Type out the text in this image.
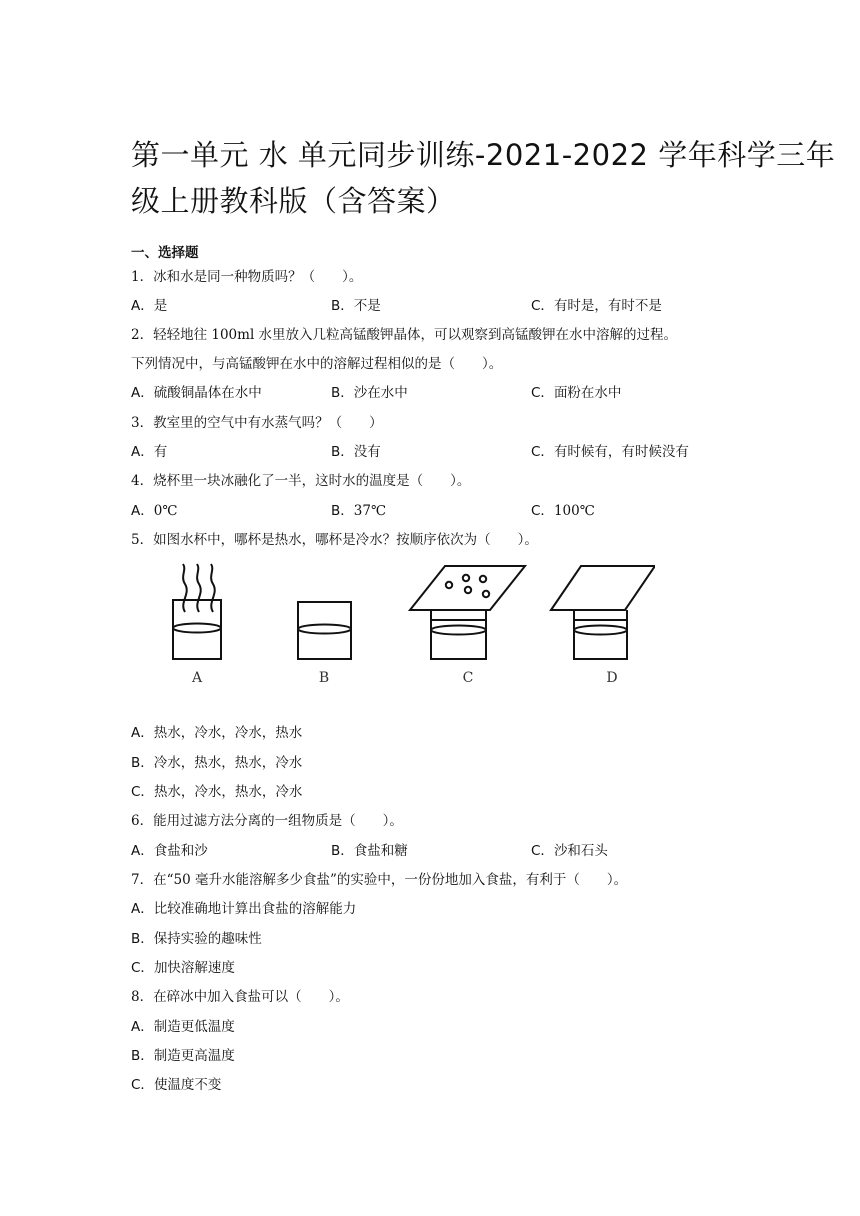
第一单元 水 单元同步训练-2021-2022 学年科学三年
级上册教科版（含答案）
一、选择题
1．冰和水是同一种物质吗？（　　）。
A．是	B．不是	C．有时是，有时不是
2．轻轻地往 100ml 水里放入几粒高锰酸钾晶体，可以观察到高锰酸钾在水中溶解的过程。
下列情况中，与高锰酸钾在水中的溶解过程相似的是（　　）。
A．硫酸铜晶体在水中	B．沙在水中	C．面粉在水中
3．教室里的空气中有水蒸气吗？（　　）
A．有	B．没有	C．有时候有，有时候没有
4．烧杯里一块冰融化了一半，这时水的温度是（　　）。
A．0℃	B．37℃	C．100℃
5．如图水杯中，哪杯是热水，哪杯是冷水？按顺序依次为（　　）。
A	B	C	D
A．热水，冷水，冷水，热水
B．冷水，热水，热水，冷水
C．热水，冷水，热水，冷水
6．能用过滤方法分离的一组物质是（　　）。
A．食盐和沙	B．食盐和糖	C．沙和石头
7．在“50 毫升水能溶解多少食盐”的实验中，一份份地加入食盐，有利于（　　）。
A．比较准确地计算出食盐的溶解能力
B．保持实验的趣味性
C．加快溶解速度
8．在碎冰中加入食盐可以（　　）。
A．制造更低温度
B．制造更高温度
C．使温度不变
